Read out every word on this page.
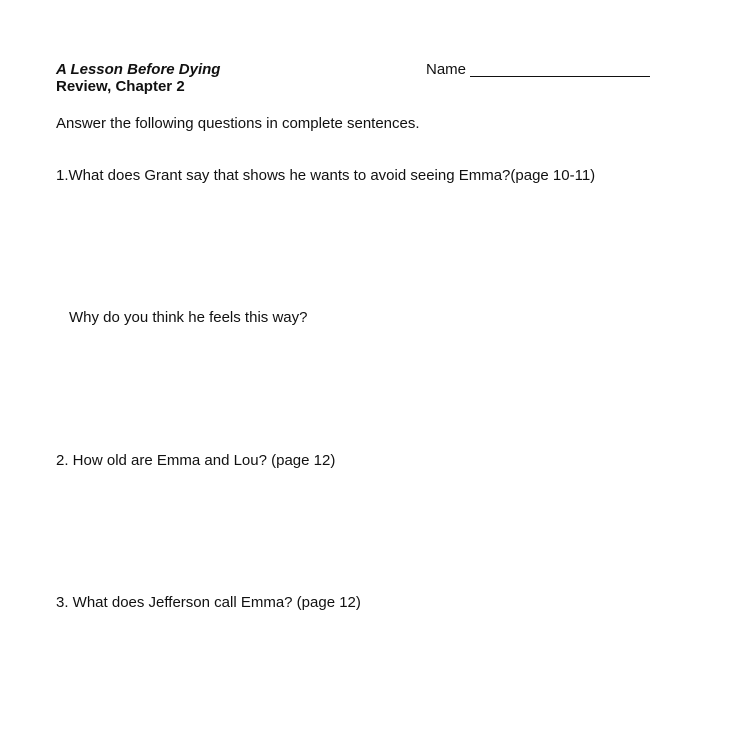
A Lesson Before Dying
Review, Chapter 2
Name
Answer the following questions in complete sentences.
1.What does Grant say that shows he wants to avoid seeing Emma?(page 10-11)
Why do you think he feels this way?
2. How old are Emma and Lou? (page 12)
3. What does Jefferson call Emma? (page 12)
